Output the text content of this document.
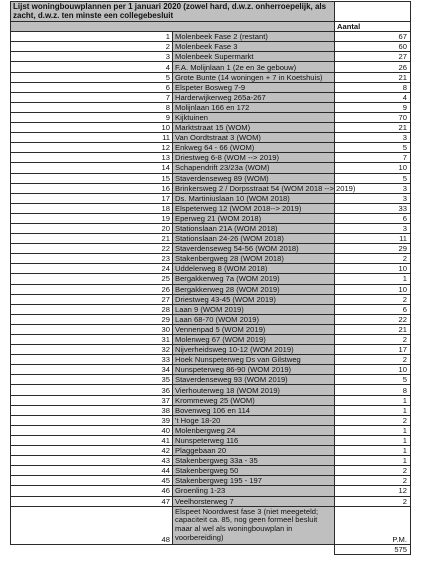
Lijst woningbouwplannen per 1 januari 2020 (zowel hard, d.w.z. onherroepelijk, als zacht, d.w.z. ten minste een collegebesluit		
		Aantal
1	Molenbeek Fase 2 (restant)	67
2	Molenbeek Fase 3	60
3	Molenbeek Supermarkt	27
4	F.A. Molijnlaan 1 (2e en 3e gebouw)	26
5	Grote Bunte (14 woningen + 7 in Koetshuis)	21
6	Elspeter Bosweg 7-9	8
7	Harderwijkerweg 265a-267	4
8	Molijnlaan 166 en 172	9
9	Kijktuinen	70
10	Marktstraat 15 (WOM)	21
11	Van Oordtstraat 3 (WOM)	3
12	Enkweg 64 - 66 (WOM)	5
13	Driestweg 6-8 (WOM --> 2019)	7
14	Schapendrift 23/23a (WOM)	10
15	Staverdenseweg 89 (WOM)	5
16	Brinkersweg 2 / Dorpsstraat 54 (WOM 2018 --> 2019)	3
17	Ds. Martiniuslaan 10 (WOM 2018)	3
18	Elspeterweg 12 (WOM 2018--> 2019)	33
19	Eperweg 21 (WOM 2018)	6
20	Stationslaan 21A (WOM 2018)	3
21	Stationslaan 24-26 (WOM 2018)	11
22	Staverdenseweg 54-56 (WOM 2018)	29
23	Stakenbergweg 28 (WOM 2018)	2
24	Uddelerweg 8 (WOM 2018)	10
25	Bergakkerweg 7a (WOM 2019)	1
26	Bergakkerweg 28 (WOM 2019)	10
27	Driestweg 43-45 (WOM 2019)	2
28	Laan 9 (WOM 2019)	6
29	Laan 68-70 (WOM 2019)	22
30	Vennenpad 5 (WOM 2019)	21
31	Molenweg 67 (WOM 2019)	2
32	Nijverheidsweg 10-12 (WOM 2019)	17
33	Hoek Nunspeterweg Ds van Gilstweg	2
34	Nunspeterweg 86-90 (WOM 2019)	10
35	Staverdenseweg 93 (WOM 2019)	5
36	Vierhouterweg 18 (WOM 2019)	8
37	Krommeweg 25 (WOM)	1
38	Bovenweg 106 en 114	1
39	't Hoge 18-20	2
40	Molenbergweg 24	1
41	Nunspeterweg 116	1
42	Plaggebaan 20	1
43	Stakenbergweg 33a - 35	1
44	Stakenbergweg 50	2
45	Stakenbergweg 195 - 197	2
46	Groenling 1-23	12
47	Veelhorsterweg 7	2
48	Elspeet Noordwest fase 3 (niet meegeteld; capaciteit ca. 85, nog geen formeel besluit maar al wel als woningbouwplan in voorbereiding)	P.M.
		575
